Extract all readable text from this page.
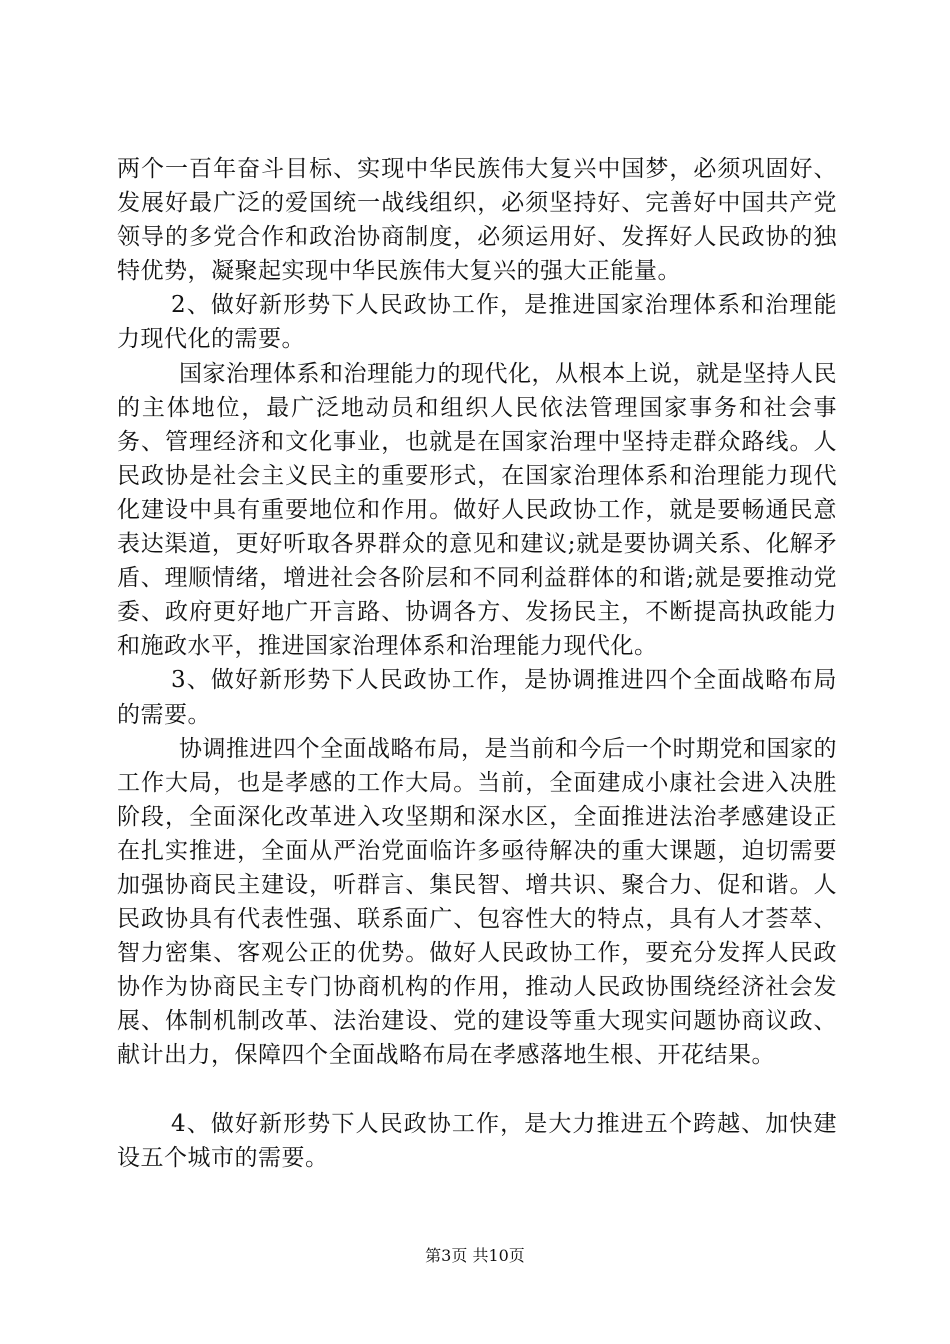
两个一百年奋斗目标、实现中华民族伟大复兴中国梦，必须巩固好、发展好最广泛的爱国统一战线组织，必须坚持好、完善好中国共产党领导的多党合作和政治协商制度，必须运用好、发挥好人民政协的独特优势，凝聚起实现中华民族伟大复兴的强大正能量。

2、做好新形势下人民政协工作，是推进国家治理体系和治理能力现代化的需要。

国家治理体系和治理能力的现代化，从根本上说，就是坚持人民的主体地位，最广泛地动员和组织人民依法管理国家事务和社会事务、管理经济和文化事业，也就是在国家治理中坚持走群众路线。人民政协是社会主义民主的重要形式，在国家治理体系和治理能力现代化建设中具有重要地位和作用。做好人民政协工作，就是要畅通民意表达渠道，更好听取各界群众的意见和建议;就是要协调关系、化解矛盾、理顺情绪，增进社会各阶层和不同利益群体的和谐;就是要推动党委、政府更好地广开言路、协调各方、发扬民主，不断提高执政能力和施政水平，推进国家治理体系和治理能力现代化。

3、做好新形势下人民政协工作，是协调推进四个全面战略布局的需要。

协调推进四个全面战略布局，是当前和今后一个时期党和国家的工作大局，也是孝感的工作大局。当前，全面建成小康社会进入决胜阶段，全面深化改革进入攻坚期和深水区，全面推进法治孝感建设正在扎实推进，全面从严治党面临许多亟待解决的重大课题，迫切需要加强协商民主建设，听群言、集民智、增共识、聚合力、促和谐。人民政协具有代表性强、联系面广、包容性大的特点，具有人才荟萃、智力密集、客观公正的优势。做好人民政协工作，要充分发挥人民政协作为协商民主专门协商机构的作用，推动人民政协围绕经济社会发展、体制机制改革、法治建设、党的建设等重大现实问题协商议政、献计出力，保障四个全面战略布局在孝感落地生根、开花结果。

4、做好新形势下人民政协工作，是大力推进五个跨越、加快建设五个城市的需要。

第3页 共10页
